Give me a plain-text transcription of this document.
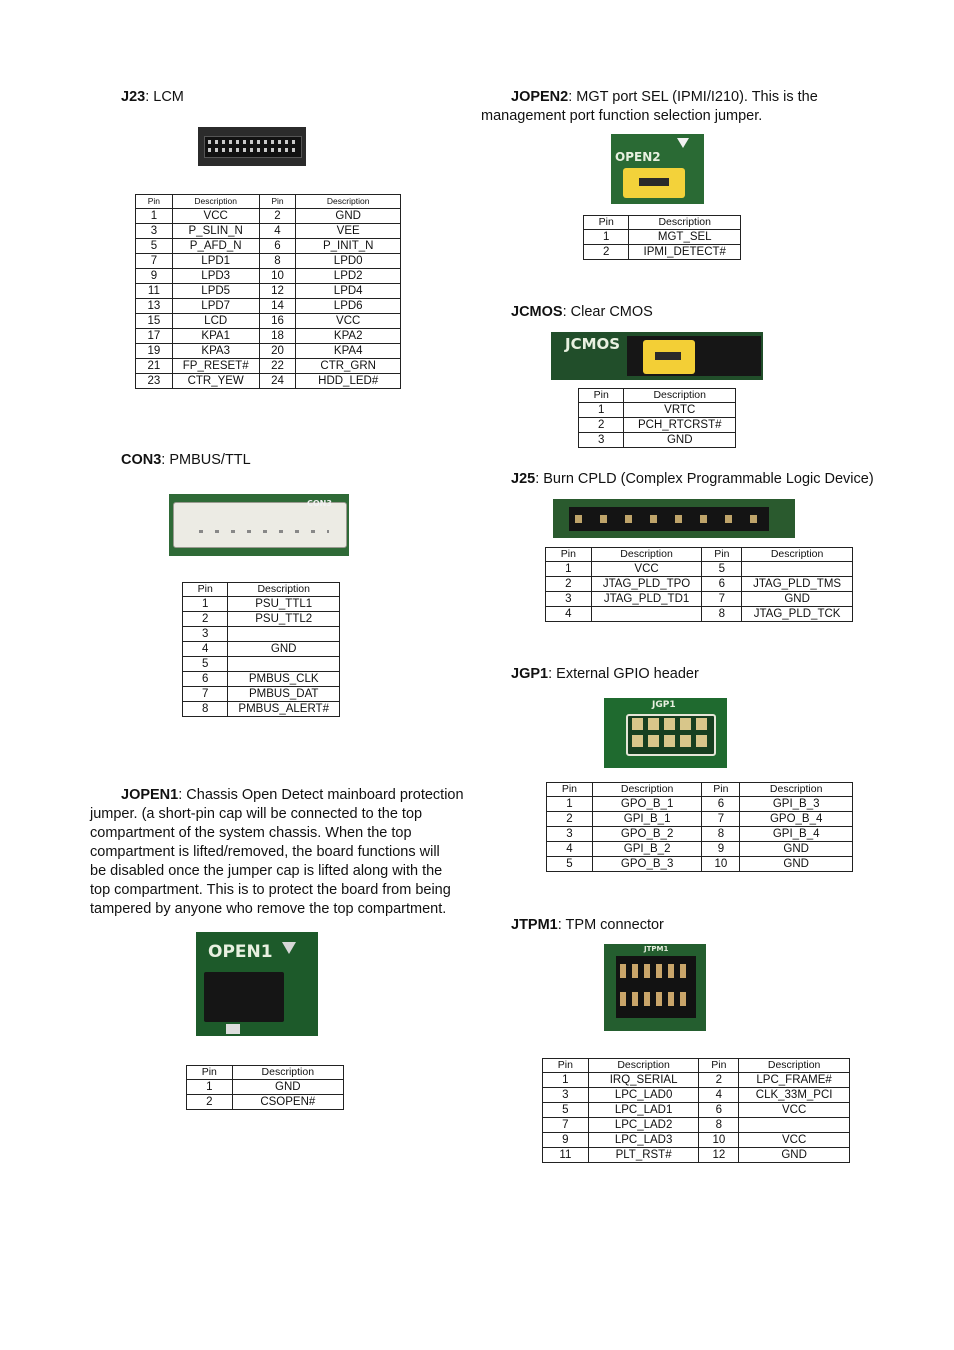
J23: LCM
Pin	Description	Pin	Description
1	VCC	2	GND
3	P_SLIN_N	4	VEE
5	P_AFD_N	6	P_INIT_N
7	LPD1	8	LPD0
9	LPD3	10	LPD2
11	LPD5	12	LPD4
13	LPD7	14	LPD6
15	LCD	16	VCC
17	KPA1	18	KPA2
19	KPA3	20	KPA4
21	FP_RESET#	22	CTR_GRN
23	CTR_YEW	24	HDD_LED#
CON3: PMBUS/TTL
CON3
Pin	Description
1	PSU_TTL1
2	PSU_TTL2
3	
4	GND
5	
6	PMBUS_CLK
7	PMBUS_DAT
8	PMBUS_ALERT#
JOPEN1: Chassis Open Detect mainboard protection
jumper. (a short-pin cap will be connected to the top
compartment of the system chassis. When the top
compartment is lifted/removed, the board functions will
be disabled once the jumper cap is lifted along with the
top compartment. This is to protect the board from being
tampered by anyone who remove the top compartment.
OPEN1
Pin	Description
1	GND
2	CSOPEN#
JOPEN2: MGT port SEL (IPMI/I210). This is the
management port function selection jumper.
OPEN2
Pin	Description
1	MGT_SEL
2	IPMI_DETECT#
JCMOS: Clear CMOS
JCMOS
Pin	Description
1	VRTC
2	PCH_RTCRST#
3	GND
J25: Burn CPLD (Complex Programmable Logic Device)
Pin	Description	Pin	Description
1	VCC	5	
2	JTAG_PLD_TPO	6	JTAG_PLD_TMS
3	JTAG_PLD_TD1	7	GND
4		8	JTAG_PLD_TCK
JGP1: External GPIO header
JGP1
Pin	Description	Pin	Description
1	GPO_B_1	6	GPI_B_3
2	GPI_B_1	7	GPO_B_4
3	GPO_B_2	8	GPI_B_4
4	GPI_B_2	9	GND
5	GPO_B_3	10	GND
JTPM1: TPM connector
JTPM1
Pin	Description	Pin	Description
1	IRQ_SERIAL	2	LPC_FRAME#
3	LPC_LAD0	4	CLK_33M_PCI
5	LPC_LAD1	6	VCC
7	LPC_LAD2	8	
9	LPC_LAD3	10	VCC
11	PLT_RST#	12	GND
